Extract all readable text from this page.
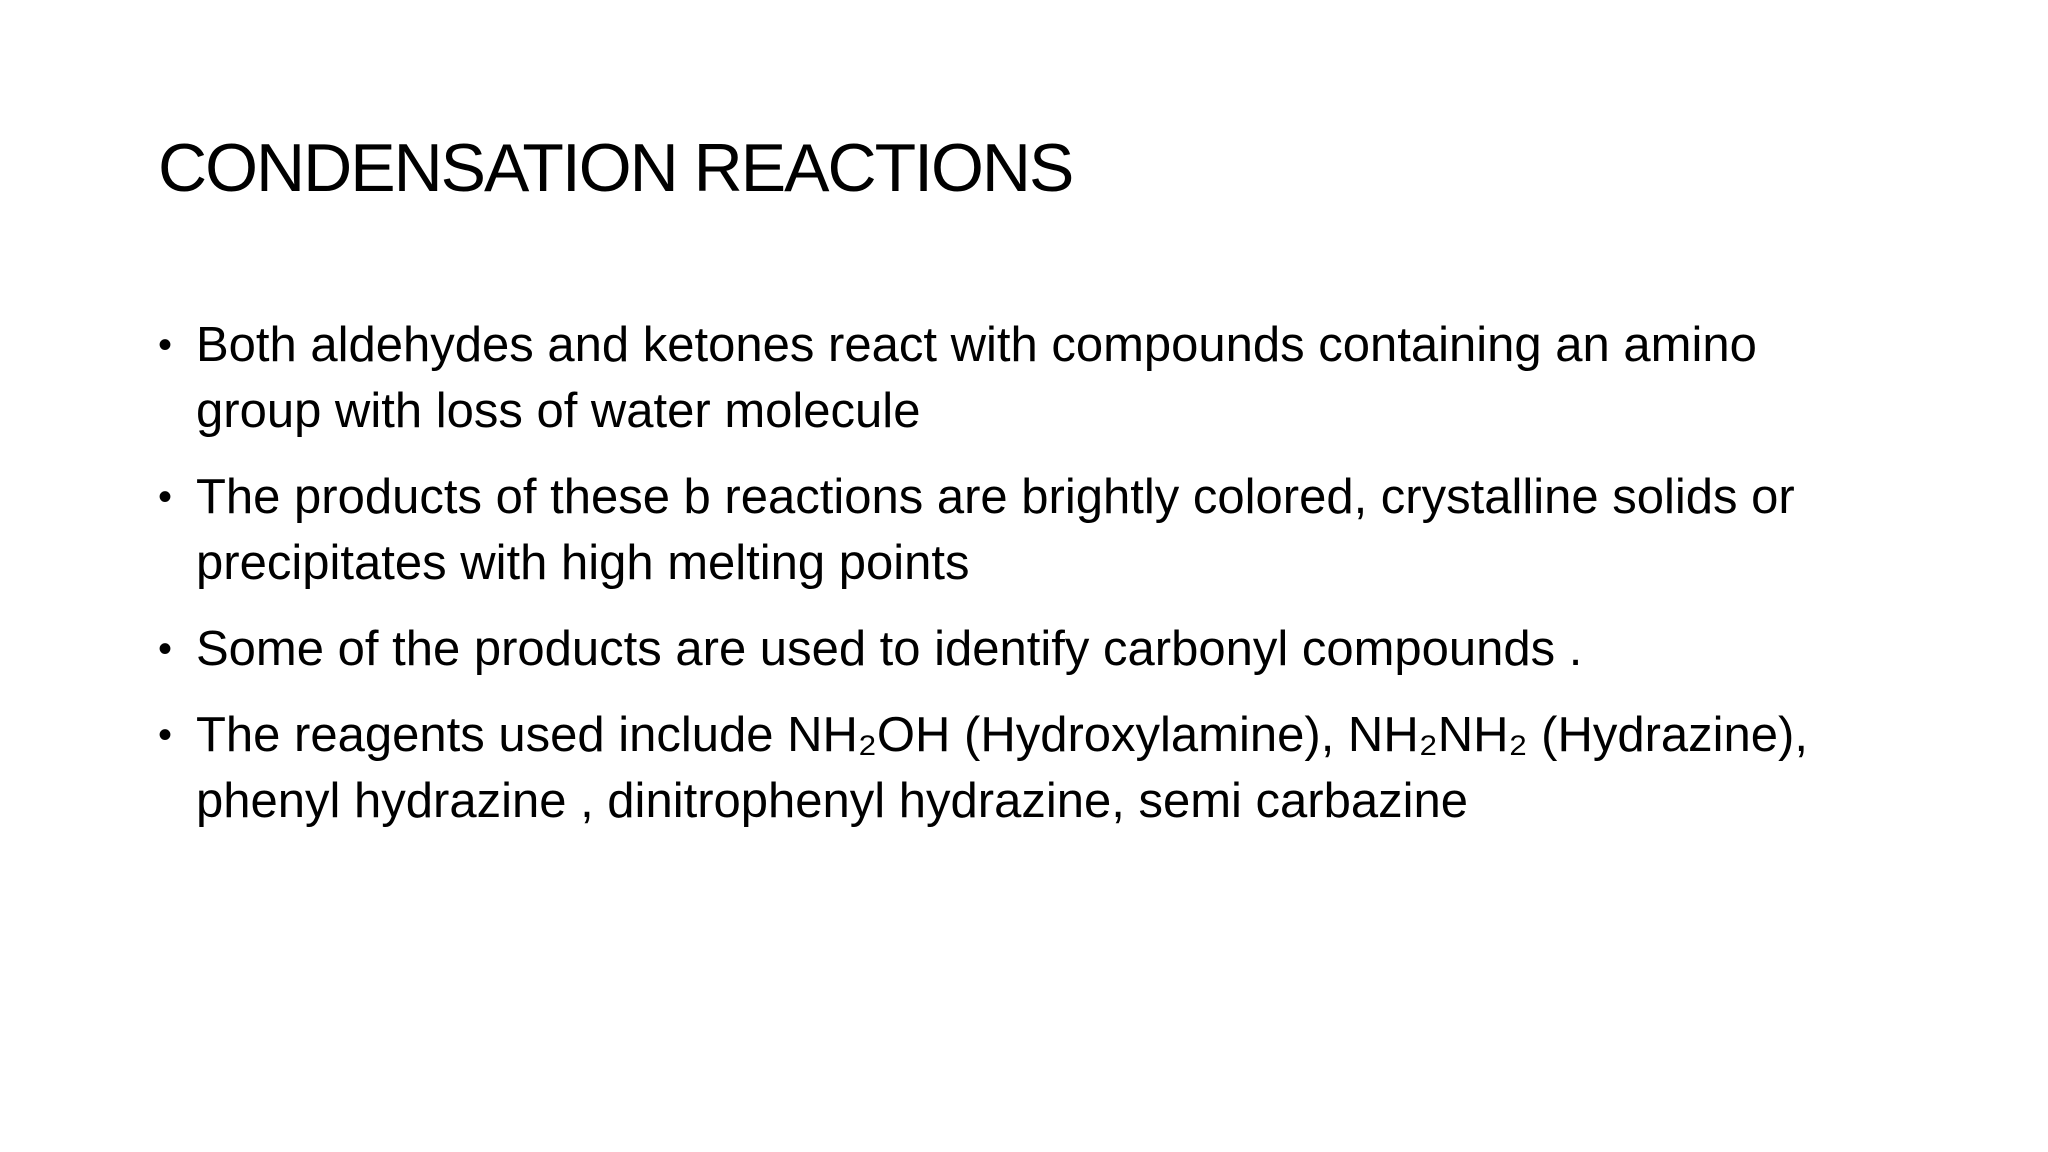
CONDENSATION REACTIONS
• Both aldehydes and ketones react with compounds containing an amino group with loss of water molecule
• The products of these b reactions are brightly colored, crystalline solids or precipitates with high melting points
• Some of the products are used to identify carbonyl compounds .
• The reagents used include NH₂OH (Hydroxylamine), NH₂NH₂ (Hydrazine), phenyl hydrazine , dinitrophenyl hydrazine, semi carbazine
